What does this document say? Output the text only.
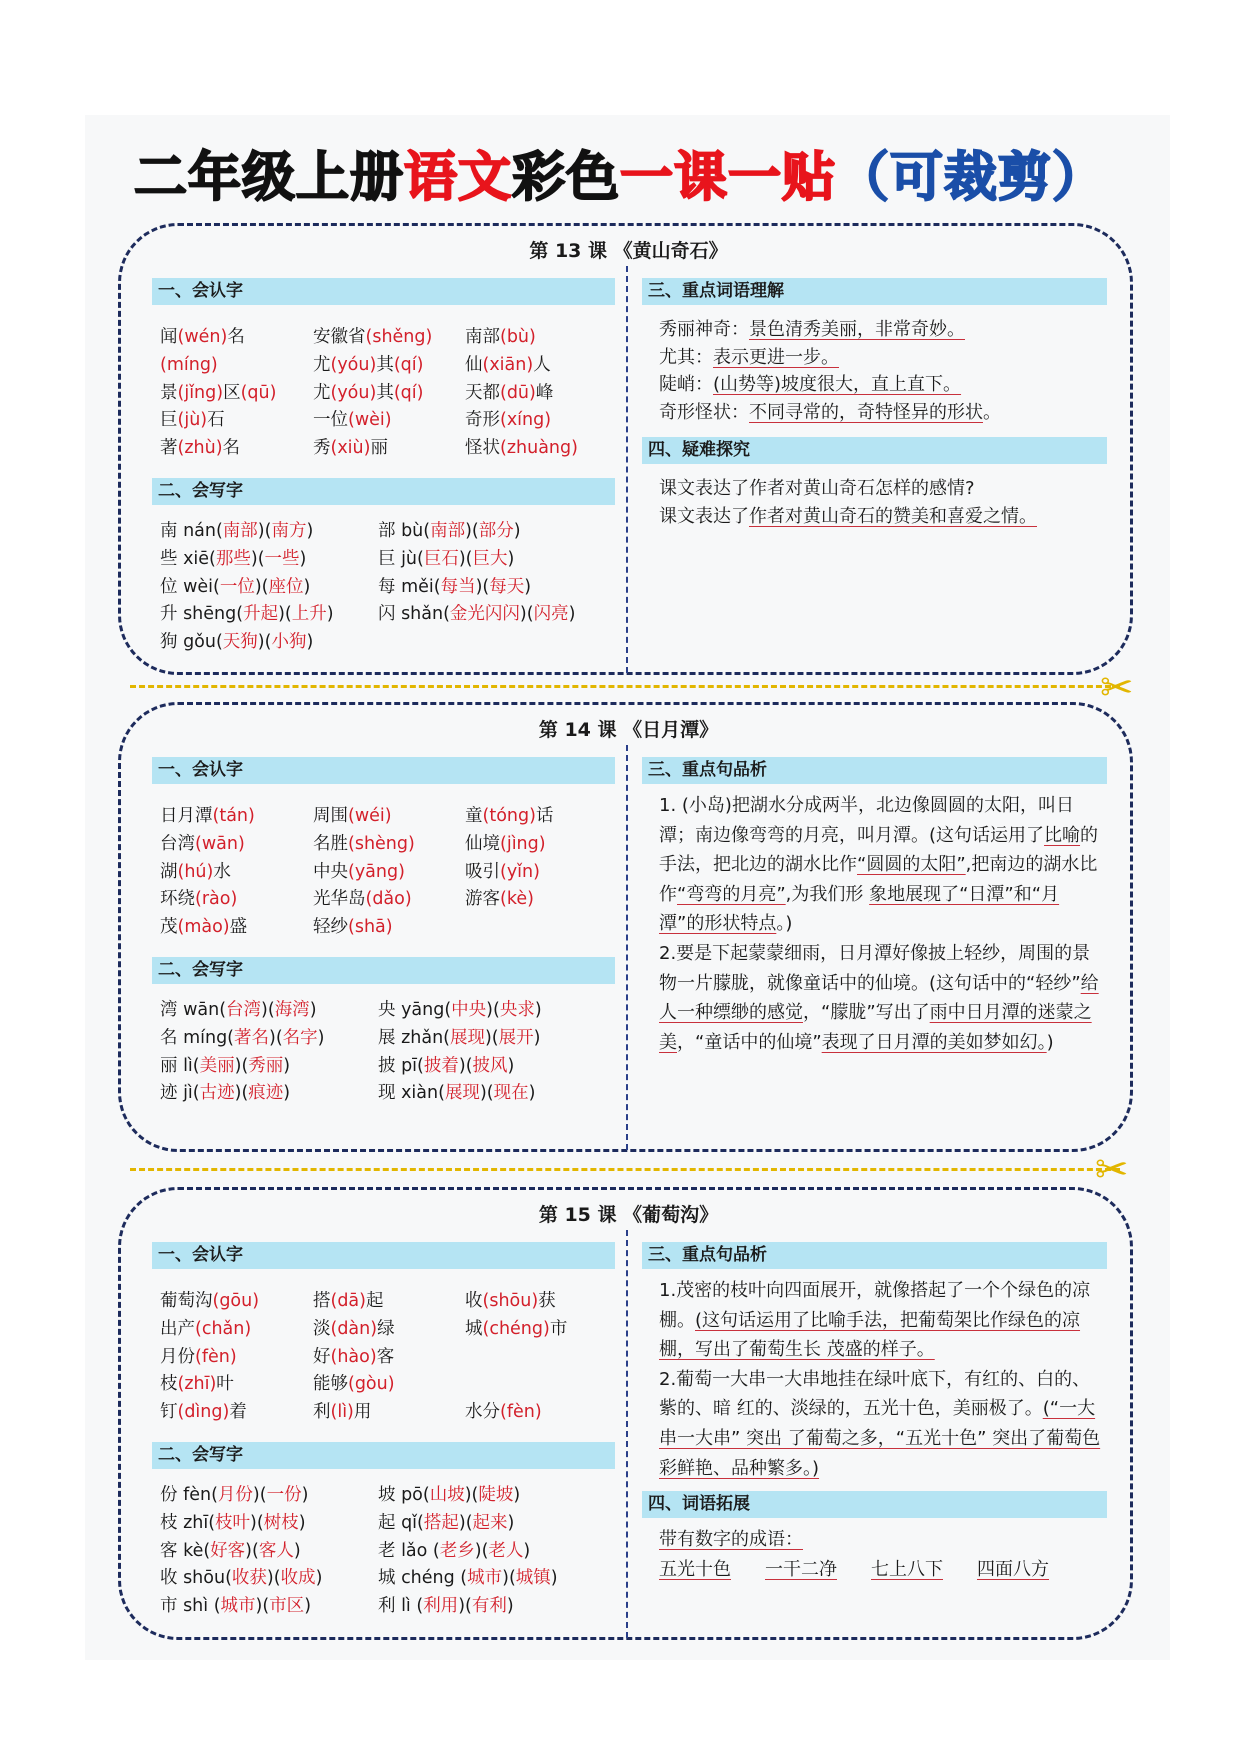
二年级上册语文彩色一课一贴（可裁剪）
✂
✂
第 13 课 《黄山奇石》
一、会认字
闻(wén)名	安徽省(shěng)	南部(bù)
(míng)	尤(yóu)其(qí)	仙(xiān)人
景(jǐng)区(qū)	尤(yóu)其(qí)	天都(dū)峰
巨(jù)石	一位(wèi)	奇形(xíng)
著(zhù)名	秀(xiù)丽	怪状(zhuàng)
二、会写字
南 nán(南部)(南方)	部 bù(南部)(部分)
些 xiē(那些)(一些)	巨 jù(巨石)(巨大)
位 wèi(一位)(座位)	每 měi(每当)(每天)
升 shēng(升起)(上升)	闪 shǎn(金光闪闪)(闪亮)
狗 gǒu(天狗)(小狗)
三、重点词语理解

秀丽神奇：景色清秀美丽，非常奇妙。

尤其：表示更进一步。

陡峭：(山势等)坡度很大，直上直下。

奇形怪状：不同寻常的，奇特怪异的形状。

四、疑难探究

课文表达了作者对黄山奇石怎样的感情?

课文表达了作者对黄山奇石的赞美和喜爱之情。

第 14 课 《日月潭》
一、会认字
日月潭(tán)	周围(wéi)	童(tóng)话
台湾(wān)	名胜(shèng)	仙境(jìng)
湖(hú)水	中央(yāng)	吸引(yǐn)
环绕(rào)	光华岛(dǎo)	游客(kè)
茂(mào)盛	轻纱(shā)
二、会写字
湾 wān(台湾)(海湾)	央 yāng(中央)(央求)
名 míng(著名)(名字)	展 zhǎn(展现)(展开)
丽 lì(美丽)(秀丽)	披 pī(披着)(披风)
迹 jì(古迹)(痕迹)	现 xiàn(展现)(现在)
三、重点句品析

1. (小岛)把湖水分成两半，北边像圆圆的太阳，叫日潭；南边像弯弯的月亮，叫月潭。(这句话运用了比喻的手法，把北边的湖水比作“圆圆的太阳”,把南边的湖水比作“弯弯的月亮”,为我们形 象地展现了“日潭”和“月潭”的形状特点。)

2.要是下起蒙蒙细雨，日月潭好像披上轻纱，周围的景物一片朦胧，就像童话中的仙境。(这句话中的“轻纱”给人一种缥缈的感觉，“朦胧”写出了雨中日月潭的迷蒙之美，“童话中的仙境”表现了日月潭的美如梦如幻。)

第 15 课 《葡萄沟》
一、会认字
葡萄沟(gōu)	搭(dā)起	收(shōu)获
出产(chǎn)	淡(dàn)绿	城(chéng)市
月份(fèn)	好(hào)客
枝(zhī)叶	能够(gòu)
钉(dìng)着	利(lì)用	水分(fèn)
二、会写字
份 fèn(月份)(一份)	坡 pō(山坡)(陡坡)
枝 zhī(枝叶)(树枝)	起 qǐ(搭起)(起来)
客 kè(好客)(客人)	老 lǎo (老乡)(老人)
收 shōu(收获)(收成)	城 chéng (城市)(城镇)
市 shì (城市)(市区)	利 lì (利用)(有利)
三、重点句品析

1.茂密的枝叶向四面展开，就像搭起了一个个绿色的凉棚。(这句话运用了比喻手法，把葡萄架比作绿色的凉棚，写出了葡萄生长 茂盛的样子。

2.葡萄一大串一大串地挂在绿叶底下，有红的、白的、紫的、暗 红的、淡绿的，五光十色，美丽极了。(“一大串一大串” 突出 了葡萄之多，“五光十色” 突出了葡萄色彩鲜艳、品种繁多。)

四、词语拓展

带有数字的成语：

五光十色 一干二净 七上八下 四面八方
